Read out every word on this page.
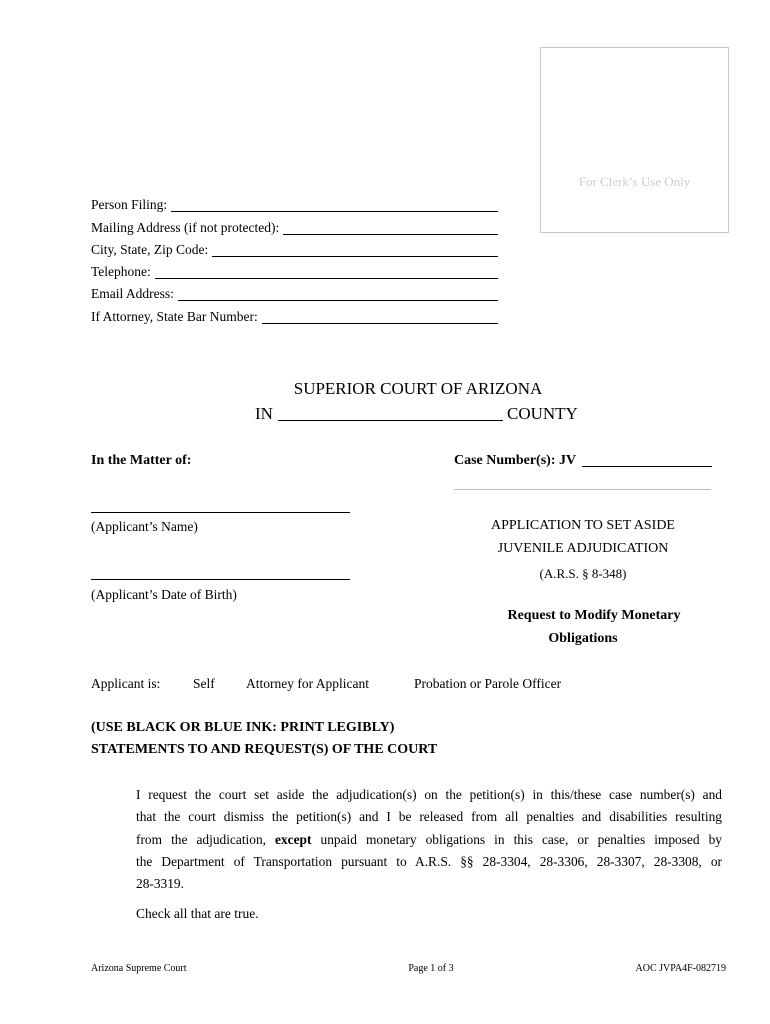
For Clerk’s Use Only
Person Filing:
Mailing Address (if not protected):
City, State, Zip Code:
Telephone:
Email Address:
If Attorney, State Bar Number:
SUPERIOR COURT OF ARIZONA
IN	COUNTY
In the Matter of:	Case Number(s): JV
(Applicant’s Name)	APPLICATION TO SET ASIDE
JUVENILE ADJUDICATION
(A.R.S. § 8-348)
(Applicant’s Date of Birth)
Request to Modify Monetary
Obligations
Applicant is: Self Attorney for Applicant	Probation or Parole Officer
(USE BLACK OR BLUE INK: PRINT LEGIBLY)
STATEMENTS TO AND REQUEST(S) OF THE COURT
I request the court set aside the adjudication(s) on the petition(s) in this/these case number(s) and
that the court dismiss the petition(s) and I be released from all penalties and disabilities resulting
from the adjudication, except unpaid monetary obligations in this case, or penalties imposed by
the Department of Transportation pursuant to A.R.S. §§ 28-3304, 28-3306, 28-3307, 28-3308, or
28-3319.
Check all that are true.
Arizona Supreme Court	Page 1 of 3	AOC JVPA4F-082719
